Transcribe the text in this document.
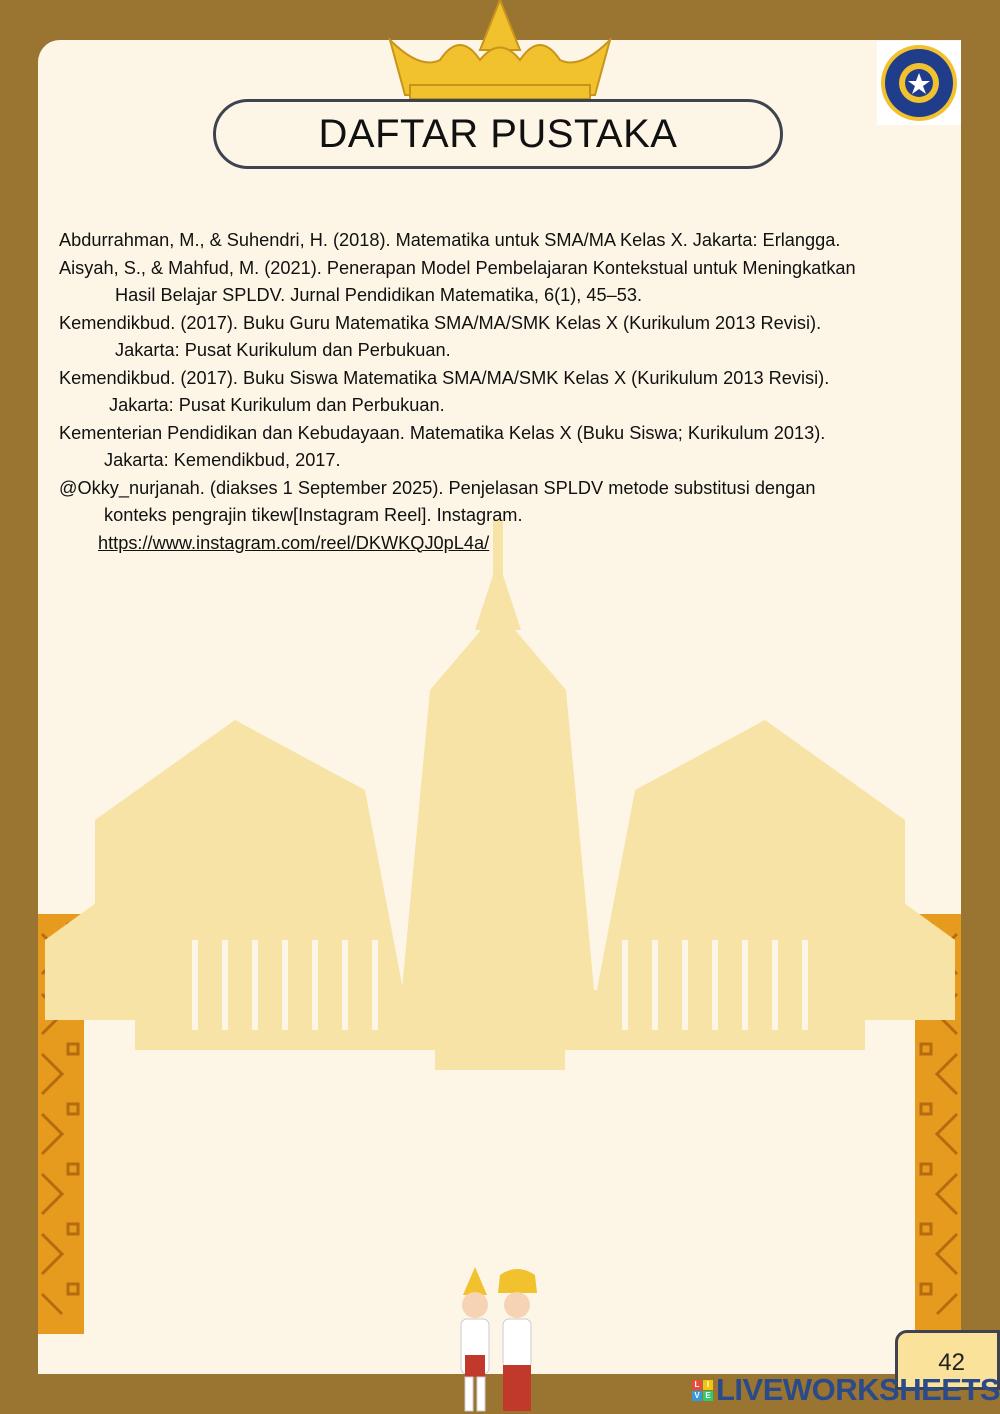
DAFTAR PUSTAKA

Abdurrahman, M., & Suhendri, H. (2018). Matematika untuk SMA/MA Kelas X. Jakarta: Erlangga.

Aisyah, S., & Mahfud, M. (2021). Penerapan Model Pembelajaran Kontekstual untuk Meningkatkan
Hasil Belajar SPLDV. Jurnal Pendidikan Matematika, 6(1), 45–53.

Kemendikbud. (2017). Buku Guru Matematika SMA/MA/SMK Kelas X (Kurikulum 2013 Revisi).
Jakarta: Pusat Kurikulum dan Perbukuan.

Kemendikbud. (2017). Buku Siswa Matematika SMA/MA/SMK Kelas X (Kurikulum 2013 Revisi).
Jakarta: Pusat Kurikulum dan Perbukuan.

Kementerian Pendidikan dan Kebudayaan. Matematika Kelas X (Buku Siswa; Kurikulum 2013).
Jakarta: Kemendikbud, 2017.

@Okky_nurjanah. (diakses 1 September 2025). Penjelasan SPLDV metode substitusi dengan
konteks pengrajin tikew[Instagram Reel]. Instagram.
https://www.instagram.com/reel/DKWKQJ0pL4a/

42
L I
V E LIVEWORKSHEETS
